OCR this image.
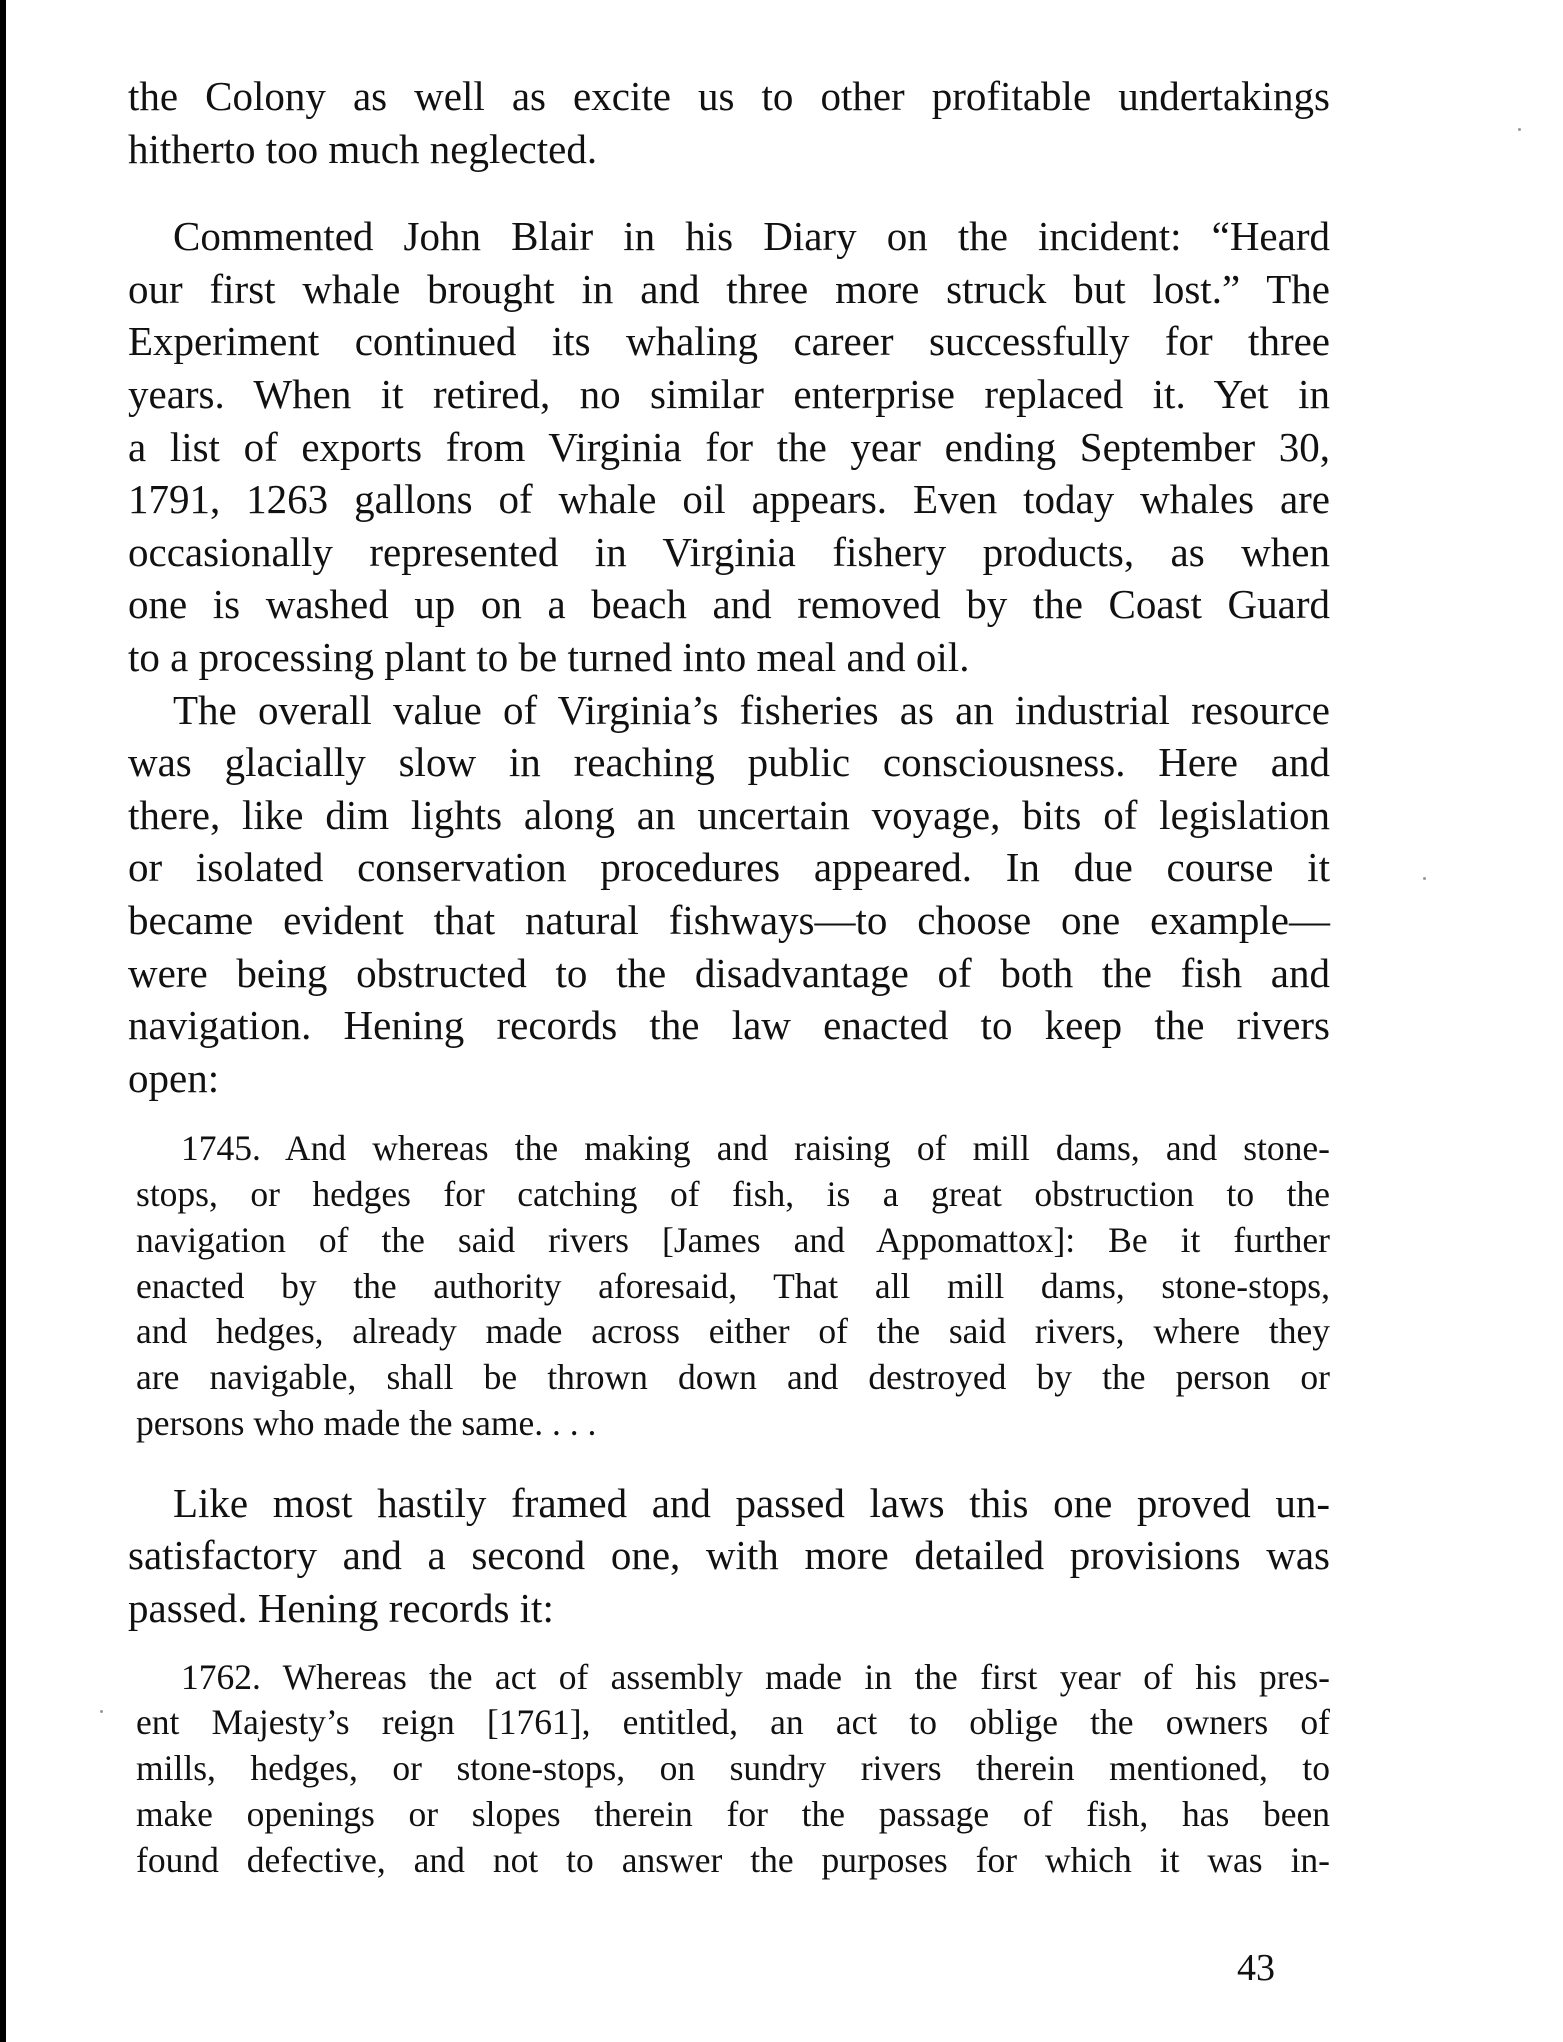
the Colony as well as excite us to other profitable undertakings
hitherto too much neglected.
Commented John Blair in his Diary on the incident: “Heard
our first whale brought in and three more struck but lost.” The
Experiment continued its whaling career successfully for three
years. When it retired, no similar enterprise replaced it. Yet in
a list of exports from Virginia for the year ending September 30,
1791, 1263 gallons of whale oil appears. Even today whales are
occasionally represented in Virginia fishery products, as when
one is washed up on a beach and removed by the Coast Guard
to a processing plant to be turned into meal and oil.
The overall value of Virginia’s fisheries as an industrial resource
was glacially slow in reaching public consciousness. Here and
there, like dim lights along an uncertain voyage, bits of legislation
or isolated conservation procedures appeared. In due course it
became evident that natural fishways—to choose one example—
were being obstructed to the disadvantage of both the fish and
navigation. Hening records the law enacted to keep the rivers
open:
1745. And whereas the making and raising of mill dams, and stone-
stops, or hedges for catching of fish, is a great obstruction to the
navigation of the said rivers [James and Appomattox]: Be it further
enacted by the authority aforesaid, That all mill dams, stone-stops,
and hedges, already made across either of the said rivers, where they
are navigable, shall be thrown down and destroyed by the person or
persons who made the same. . . .
Like most hastily framed and passed laws this one proved un-
satisfactory and a second one, with more detailed provisions was
passed. Hening records it:
1762. Whereas the act of assembly made in the first year of his pres-
ent Majesty’s reign [1761], entitled, an act to oblige the owners of
mills, hedges, or stone-stops, on sundry rivers therein mentioned, to
make openings or slopes therein for the passage of fish, has been
found defective, and not to answer the purposes for which it was in-
43
